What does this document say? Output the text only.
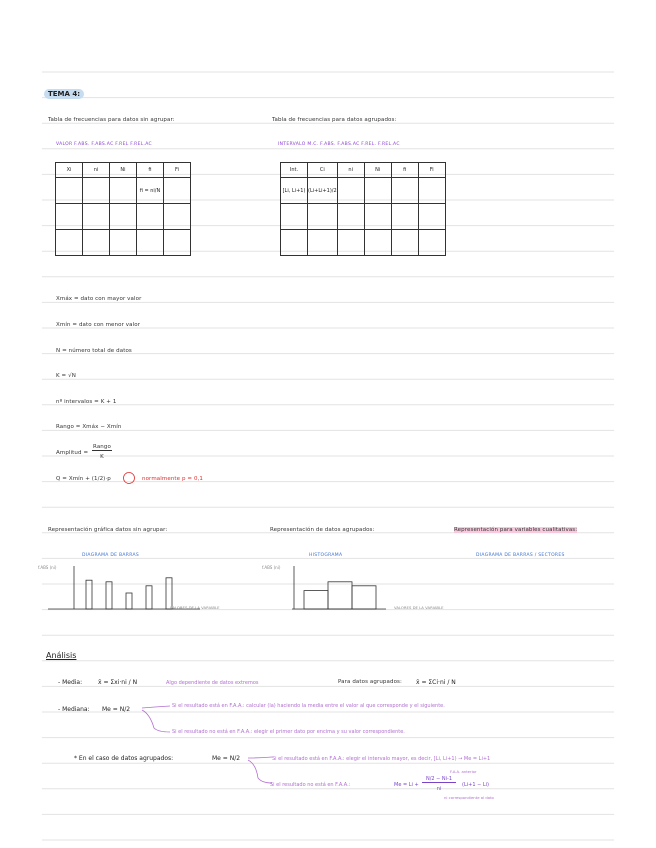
TEMA 4:
Tabla de frecuencias para datos sin agrupar:
VALOR F.ABS. F.ABS.AC F.REL F.REL.AC
Xi	ni	Ni	fi	Fi
			fi = ni/N	

Tabla de frecuencias para datos agrupados:
INTERVALO M.C. F.ABS. F.ABS.AC F.REL. F.REL.AC
Int.	Ci	ni	Ni	fi	Fi
[Li, Li+1)	(Li+Li+1)/2				

Xmáx = dato con mayor valor
Xmín = dato con menor valor
N = número total de datos
K = √N
nº intervalos = K + 1
Rango = Xmáx − Xmín
Amplitud =
Rango
K
Q = Xmín + (1/2)·p	normalmente p = 0,1
Representación gráfica datos sin agrupar:
DIAGRAMA DE BARRAS
Representación de datos agrupados:
HISTOGRAMA
Representación para variables cualitativas:
DIAGRAMA DE BARRAS / SECTORES
f.ABS (ni)
VALORES DE LA VARIABLE
f.ABS (ni)
VALORES DE LA VARIABLE
Análisis
- Media:	x̄ = Σxi·ni / N	Algo dependiente de datos extremos	Para datos agrupados: x̄ = ΣCi·ni / N
- Mediana: Me = N/2	Si el resultado está en F.A.A.: calcular (la) haciendo la media entre el valor al que corresponde y el siguiente.
Si el resultado no está en F.A.A.: elegir el primer dato por encima y su valor correspondiente.
* En el caso de datos agrupados:	Me = N/2	Si el resultado está en F.A.A.: elegir el intervalo mayor, es decir, [Li, Li+1) → Me = Li+1
Si el resultado no está en F.A.A.:	Me = Li +
N/2 − Ni-1
ni
(Li+1 − Li)
F.A.A. anterior
ni correspondiente al dato
